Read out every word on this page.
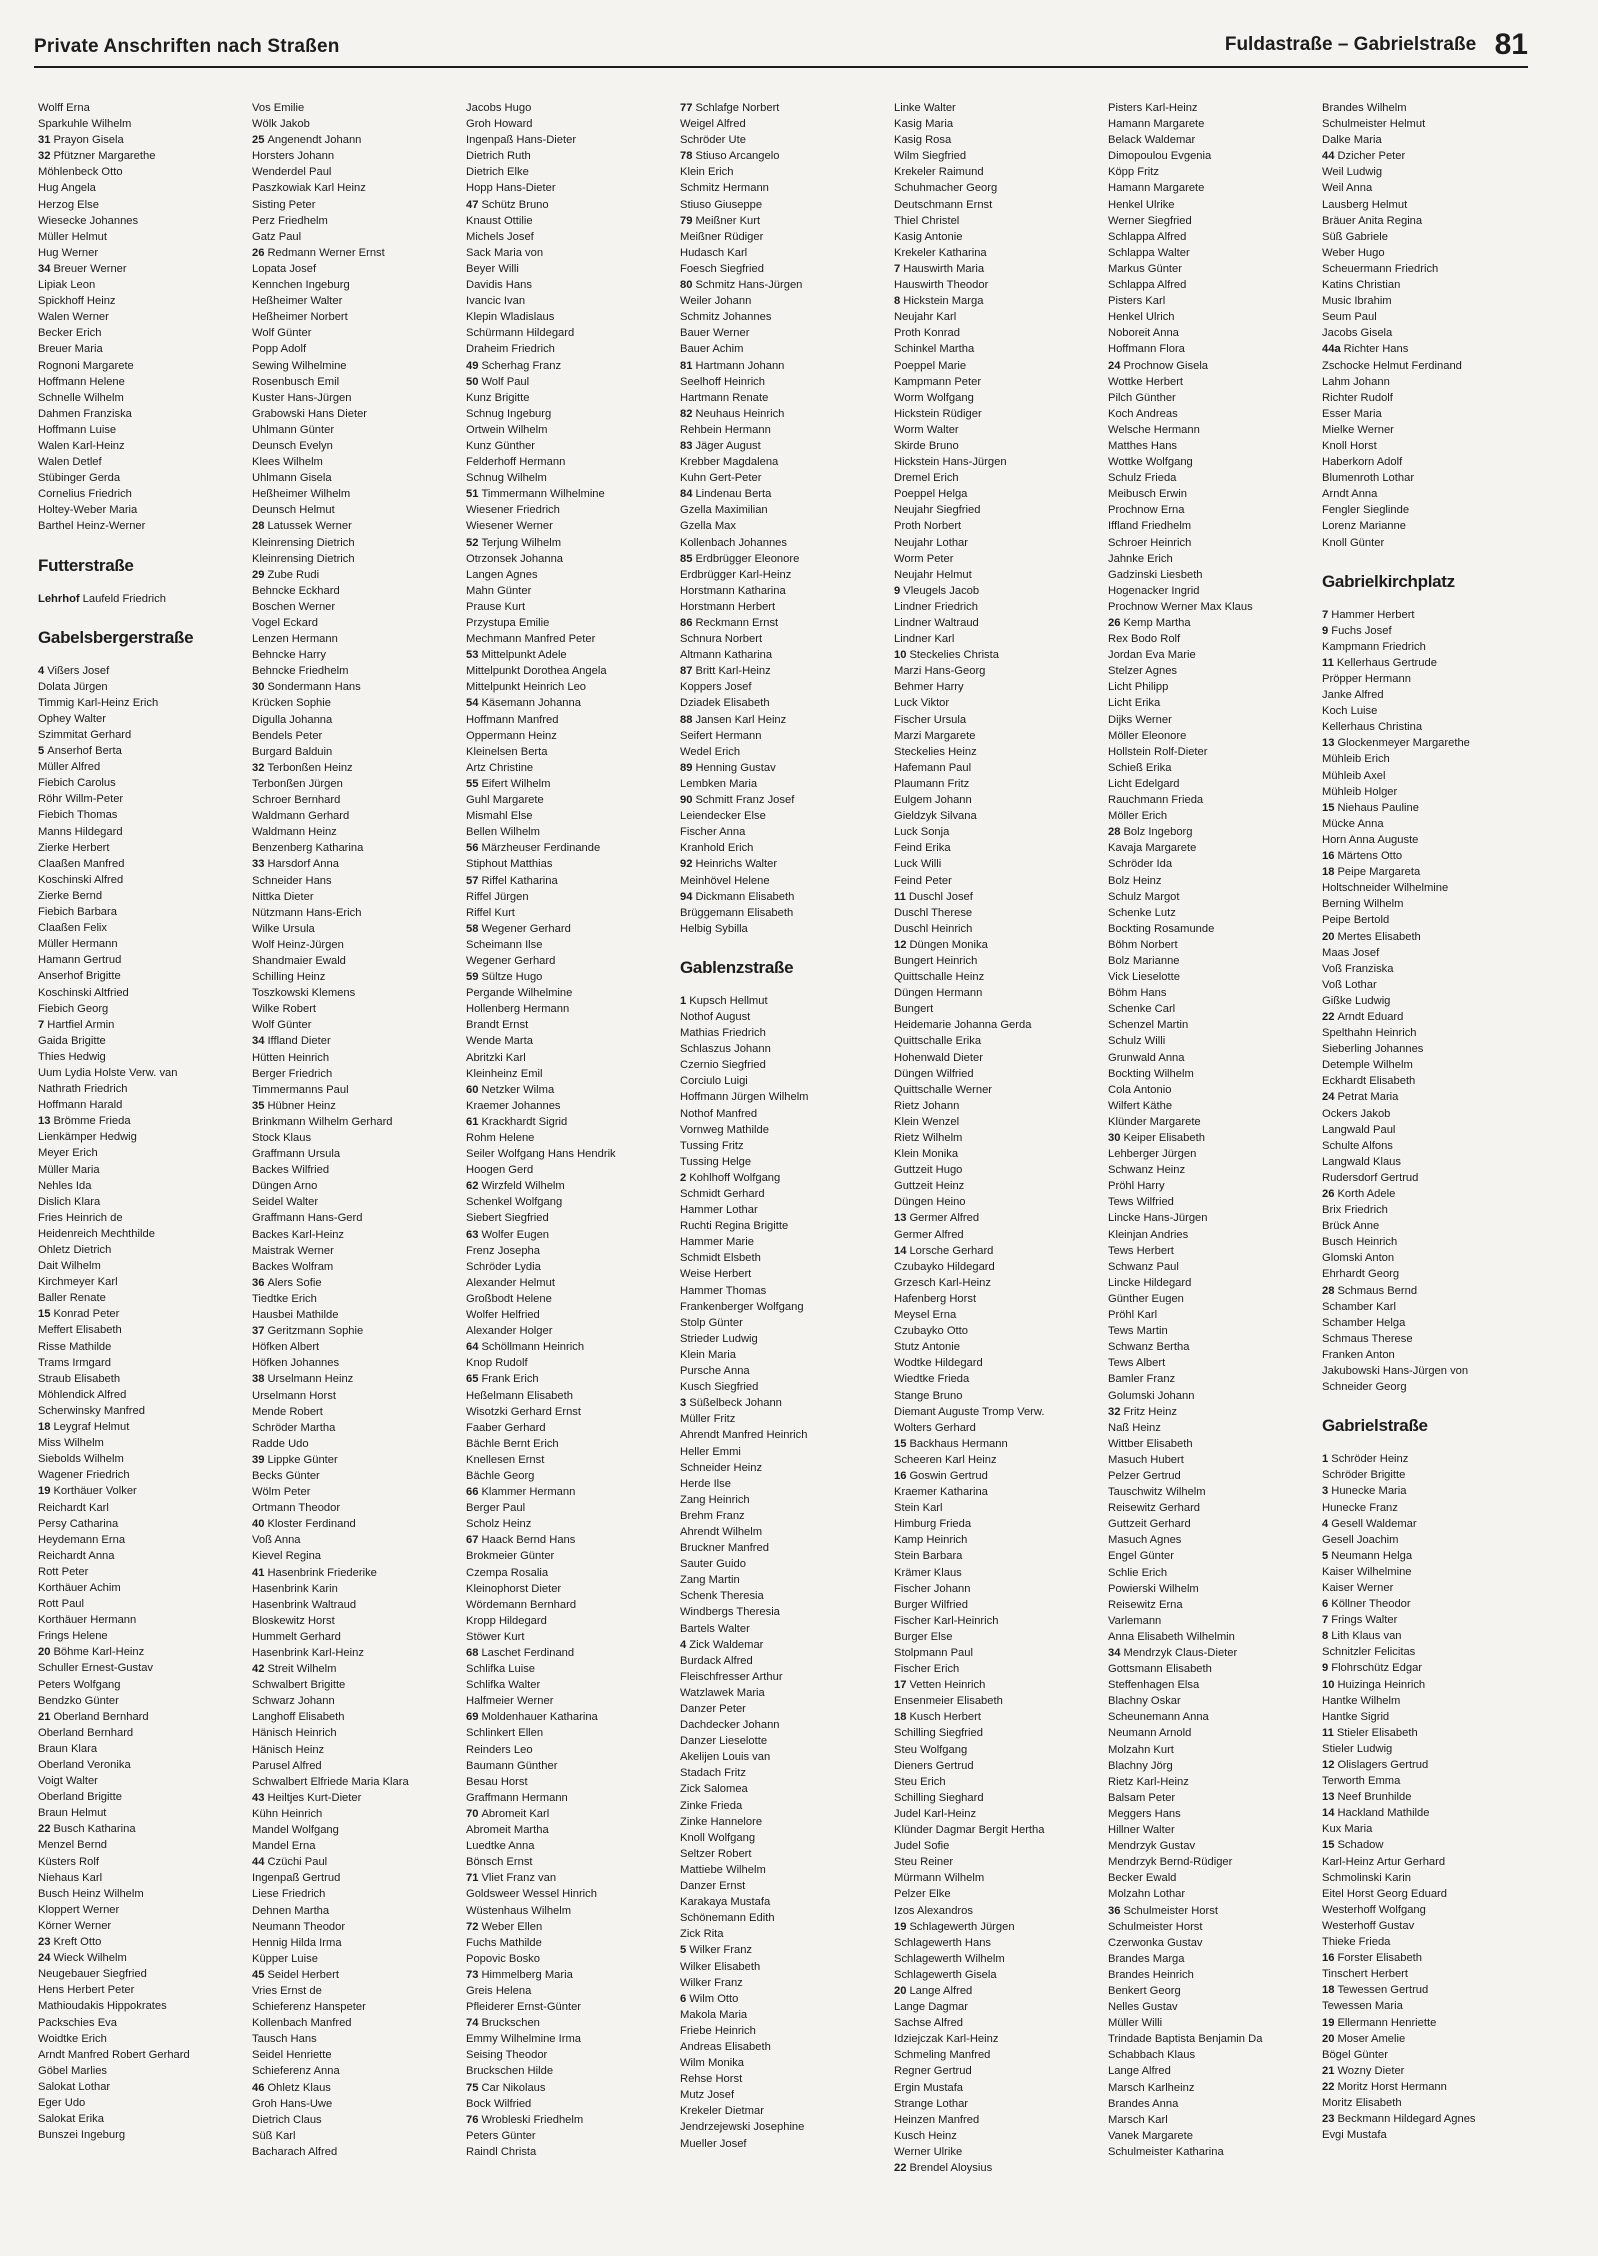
Private Anschriften nach Straßen	Fuldastraße – Gabrielstraße 81
Wolff Erna
Sparkuhle Wilhelm
31 Prayon Gisela
32 Pfützner Margarethe
Möhlenbeck Otto
Hug Angela
Herzog Else
Wiesecke Johannes
Müller Helmut
Hug Werner
34 Breuer Werner
Lipiak Leon
Spickhoff Heinz
Walen Werner
Becker Erich
Breuer Maria
Rognoni Margarete
Hoffmann Helene
Schnelle Wilhelm
Dahmen Franziska
Hoffmann Luise
Walen Karl-Heinz
Walen Detlef
Stübinger Gerda
Cornelius Friedrich
Holtey-Weber Maria
Barthel Heinz-Werner
Futterstraße
Lehrhof Laufeld Friedrich
Gabelsbergerstraße
4 Vißers Josef
Dolata Jürgen
Timmig Karl-Heinz Erich
Ophey Walter
Szimmitat Gerhard
5 Anserhof Berta
Müller Alfred
Fiebich Carolus
Röhr Willm-Peter
Fiebich Thomas
Manns Hildegard
Zierke Herbert
Claaßen Manfred
Koschinski Alfred
Zierke Bernd
Fiebich Barbara
Claaßen Felix
Müller Hermann
Hamann Gertrud
Anserhof Brigitte
Koschinski Altfried
Fiebich Georg
7 Hartfiel Armin
Gaida Brigitte
Thies Hedwig
Uum Lydia Holste Verw. van
Nathrath Friedrich
Hoffmann Harald
13 Brömme Frieda
Lienkämper Hedwig
Meyer Erich
Müller Maria
Nehles Ida
Dislich Klara
Fries Heinrich de
Heidenreich Mechthilde
Ohletz Dietrich
Dait Wilhelm
Kirchmeyer Karl
Baller Renate
15 Konrad Peter
Meffert Elisabeth
Risse Mathilde
Trams Irmgard
Straub Elisabeth
Möhlendick Alfred
Scherwinsky Manfred
18 Leygraf Helmut
Miss Wilhelm
Siebolds Wilhelm
Wagener Friedrich
19 Korthäuer Volker
Reichardt Karl
Persy Catharina
Heydemann Erna
Reichardt Anna
Rott Peter
Korthäuer Achim
Rott Paul
Korthäuer Hermann
Frings Helene
20 Böhme Karl-Heinz
Schuller Ernest-Gustav
Peters Wolfgang
Bendzko Günter
21 Oberland Bernhard
Oberland Bernhard
Braun Klara
Oberland Veronika
Voigt Walter
Oberland Brigitte
Braun Helmut
22 Busch Katharina
Menzel Bernd
Küsters Rolf
Niehaus Karl
Busch Heinz Wilhelm
Kloppert Werner
Körner Werner
23 Kreft Otto
24 Wieck Wilhelm
Neugebauer Siegfried
Hens Herbert Peter
Mathioudakis Hippokrates
Packschies Eva
Woidtke Erich
Arndt Manfred Robert Gerhard
Göbel Marlies
Salokat Lothar
Eger Udo
Salokat Erika
Bunszei Ingeburg
Vos Emilie
Wölk Jakob
25 Angenendt Johann
Horsters Johann
Wenderdel Paul
Paszkowiak Karl Heinz
Sisting Peter
Perz Friedhelm
Gatz Paul
26 Redmann Werner Ernst
Lopata Josef
Kennchen Ingeburg
Heßheimer Walter
Heßheimer Norbert
Wolf Günter
Popp Adolf
Sewing Wilhelmine
Rosenbusch Emil
Kuster Hans-Jürgen
Grabowski Hans Dieter
Uhlmann Günter
Deunsch Evelyn
Klees Wilhelm
Uhlmann Gisela
Heßheimer Wilhelm
Deunsch Helmut
28 Latussek Werner
Kleinrensing Dietrich
Kleinrensing Dietrich
29 Zube Rudi
Behncke Eckhard
Boschen Werner
Vogel Eckard
Lenzen Hermann
Behncke Harry
Behncke Friedhelm
30 Sondermann Hans
Krücken Sophie
Digulla Johanna
Bendels Peter
Burgard Balduin
32 Terbonßen Heinz
Terbonßen Jürgen
Schroer Bernhard
Waldmann Gerhard
Waldmann Heinz
Benzenberg Katharina
33 Harsdorf Anna
Schneider Hans
Nittka Dieter
Nützmann Hans-Erich
Wilke Ursula
Wolf Heinz-Jürgen
Shandmaier Ewald
Schilling Heinz
Toszkowski Klemens
Wilke Robert
Wolf Günter
34 Iffland Dieter
Hütten Heinrich
Berger Friedrich
Timmermanns Paul
35 Hübner Heinz
Brinkmann Wilhelm Gerhard
Stock Klaus
Graffmann Ursula
Backes Wilfried
Düngen Arno
Seidel Walter
Graffmann Hans-Gerd
Backes Karl-Heinz
Maistrak Werner
Backes Wolfram
36 Alers Sofie
Tiedtke Erich
Hausbei Mathilde
37 Geritzmann Sophie
Höfken Albert
Höfken Johannes
38 Urselmann Heinz
Urselmann Horst
Mende Robert
Schröder Martha
Radde Udo
39 Lippke Günter
Becks Günter
Wölm Peter
Ortmann Theodor
40 Kloster Ferdinand
Voß Anna
Kievel Regina
41 Hasenbrink Friederike
Hasenbrink Karin
Hasenbrink Waltraud
Bloskewitz Horst
Hummelt Gerhard
Hasenbrink Karl-Heinz
42 Streit Wilhelm
Schwalbert Brigitte
Schwarz Johann
Langhoff Elisabeth
Hänisch Heinrich
Hänisch Heinz
Parusel Alfred
Schwalbert Elfriede Maria Klara
43 Heiltjes Kurt-Dieter
Kühn Heinrich
Mandel Wolfgang
Mandel Erna
44 Czüchi Paul
Ingenpaß Gertrud
Liese Friedrich
Dehnen Martha
Neumann Theodor
Hennig Hilda Irma
Küpper Luise
45 Seidel Herbert
Vries Ernst de
Schieferenz Hanspeter
Kollenbach Manfred
Tausch Hans
Seidel Henriette
Schieferenz Anna
46 Ohletz Klaus
Groh Hans-Uwe
Dietrich Claus
Süß Karl
Bacharach Alfred
Jacobs Hugo
Groh Howard
Ingenpaß Hans-Dieter
Dietrich Ruth
Dietrich Elke
Hopp Hans-Dieter
47 Schütz Bruno
Knaust Ottilie
Michels Josef
Sack Maria von
Beyer Willi
Davidis Hans
Ivancic Ivan
Klepin Wladislaus
Schürmann Hildegard
Draheim Friedrich
49 Scherhag Franz
50 Wolf Paul
Kunz Brigitte
Schnug Ingeburg
Ortwein Wilhelm
Kunz Günther
Felderhoff Hermann
Schnug Wilhelm
51 Timmermann Wilhelmine
Wiesener Friedrich
Wiesener Werner
52 Terjung Wilhelm
Otrzonsek Johanna
Langen Agnes
Mahn Günter
Prause Kurt
Przystupa Emilie
Mechmann Manfred Peter
53 Mittelpunkt Adele
Mittelpunkt Dorothea Angela
Mittelpunkt Heinrich Leo
54 Käsemann Johanna
Hoffmann Manfred
Oppermann Heinz
Kleinelsen Berta
Artz Christine
55 Eifert Wilhelm
Guhl Margarete
Mismahl Else
Bellen Wilhelm
56 Märzheuser Ferdinande
Stiphout Matthias
57 Riffel Katharina
Riffel Jürgen
Riffel Kurt
58 Wegener Gerhard
Scheimann Ilse
Wegener Gerhard
59 Sültze Hugo
Pergande Wilhelmine
Hollenberg Hermann
Brandt Ernst
Wende Marta
Abritzki Karl
Kleinheinz Emil
60 Netzker Wilma
Kraemer Johannes
61 Krackhardt Sigrid
Rohm Helene
Seiler Wolfgang Hans Hendrik
Hoogen Gerd
62 Wirzfeld Wilhelm
Schenkel Wolfgang
Siebert Siegfried
63 Wolfer Eugen
Frenz Josepha
Schröder Lydia
Alexander Helmut
Großbodt Helene
Wolfer Helfried
Alexander Holger
64 Schöllmann Heinrich
Knop Rudolf
65 Frank Erich
Heßelmann Elisabeth
Wisotzki Gerhard Ernst
Faaber Gerhard
Bächle Bernt Erich
Knellesen Ernst
Bächle Georg
66 Klammer Hermann
Berger Paul
Scholz Heinz
67 Haack Bernd Hans
Brokmeier Günter
Czempa Rosalia
Kleinophorst Dieter
Wördemann Bernhard
Kropp Hildegard
Stöwer Kurt
68 Laschet Ferdinand
Schlifka Luise
Schlifka Walter
Halfmeier Werner
69 Moldenhauer Katharina
Schlinkert Ellen
Reinders Leo
Baumann Günther
Besau Horst
Graffmann Hermann
70 Abromeit Karl
Abromeit Martha
Luedtke Anna
Bönsch Ernst
71 Vliet Franz van
Goldsweer Wessel Hinrich
Wüstenhaus Wilhelm
72 Weber Ellen
Fuchs Mathilde
Popovic Bosko
73 Himmelberg Maria
Greis Helena
Pfleiderer Ernst-Günter
74 Bruckschen
Emmy Wilhelmine Irma
Seising Theodor
Bruckschen Hilde
75 Car Nikolaus
Bock Wilfried
76 Wrobleski Friedhelm
Peters Günter
Raindl Christa
77 Schlafge Norbert
Weigel Alfred
Schröder Ute
78 Stiuso Arcangelo
Klein Erich
Schmitz Hermann
Stiuso Giuseppe
79 Meißner Kurt
Meißner Rüdiger
Hudasch Karl
Foesch Siegfried
80 Schmitz Hans-Jürgen
Weiler Johann
Schmitz Johannes
Bauer Werner
Bauer Achim
81 Hartmann Johann
Seelhoff Heinrich
Hartmann Renate
82 Neuhaus Heinrich
Rehbein Hermann
83 Jäger August
Krebber Magdalena
Kuhn Gert-Peter
84 Lindenau Berta
Gzella Maximilian
Gzella Max
Kollenbach Johannes
85 Erdbrügger Eleonore
Erdbrügger Karl-Heinz
Horstmann Katharina
Horstmann Herbert
86 Reckmann Ernst
Schnura Norbert
Altmann Katharina
87 Britt Karl-Heinz
Koppers Josef
Dziadek Elisabeth
88 Jansen Karl Heinz
Seifert Hermann
Wedel Erich
89 Henning Gustav
Lembken Maria
90 Schmitt Franz Josef
Leiendecker Else
Fischer Anna
Kranhold Erich
92 Heinrichs Walter
Meinhövel Helene
94 Dickmann Elisabeth
Brüggemann Elisabeth
Helbig Sybilla
Gablenzstraße
1 Kupsch Hellmut
Nothof August
Mathias Friedrich
Schlaszus Johann
Czernio Siegfried
Corciulo Luigi
Hoffmann Jürgen Wilhelm
Nothof Manfred
Vornweg Mathilde
Tussing Fritz
Tussing Helge
2 Kohlhoff Wolfgang
Schmidt Gerhard
Hammer Lothar
Ruchti Regina Brigitte
Hammer Marie
Schmidt Elsbeth
Weise Herbert
Hammer Thomas
Frankenberger Wolfgang
Stolp Günter
Strieder Ludwig
Klein Maria
Pursche Anna
Kusch Siegfried
3 Süßelbeck Johann
Müller Fritz
Ahrendt Manfred Heinrich
Heller Emmi
Schneider Heinz
Herde Ilse
Zang Heinrich
Brehm Franz
Ahrendt Wilhelm
Bruckner Manfred
Sauter Guido
Zang Martin
Schenk Theresia
Windbergs Theresia
Bartels Walter
4 Zick Waldemar
Burdack Alfred
Fleischfresser Arthur
Watzlawek Maria
Danzer Peter
Dachdecker Johann
Danzer Lieselotte
Akelijen Louis van
Stadach Fritz
Zick Salomea
Zinke Frieda
Zinke Hannelore
Knoll Wolfgang
Seltzer Robert
Mattiebe Wilhelm
Danzer Ernst
Karakaya Mustafa
Schönemann Edith
Zick Rita
5 Wilker Franz
Wilker Elisabeth
Wilker Franz
6 Wilm Otto
Makola Maria
Friebe Heinrich
Andreas Elisabeth
Wilm Monika
Rehse Horst
Mutz Josef
Krekeler Dietmar
Jendrzejewski Josephine
Mueller Josef
Linke Walter
Kasig Maria
Kasig Rosa
Wilm Siegfried
Krekeler Raimund
Schuhmacher Georg
Deutschmann Ernst
Thiel Christel
Kasig Antonie
Krekeler Katharina
7 Hauswirth Maria
Hauswirth Theodor
8 Hickstein Marga
Neujahr Karl
Proth Konrad
Schinkel Martha
Poeppel Marie
Kampmann Peter
Worm Wolfgang
Hickstein Rüdiger
Worm Walter
Skirde Bruno
Hickstein Hans-Jürgen
Dremel Erich
Poeppel Helga
Neujahr Siegfried
Proth Norbert
Neujahr Lothar
Worm Peter
Neujahr Helmut
9 Vleugels Jacob
Lindner Friedrich
Lindner Waltraud
Lindner Karl
10 Steckelies Christa
Marzi Hans-Georg
Behmer Harry
Luck Viktor
Fischer Ursula
Marzi Margarete
Steckelies Heinz
Hafemann Paul
Plaumann Fritz
Eulgem Johann
Gieldzyk Silvana
Luck Sonja
Feind Erika
Luck Willi
Feind Peter
11 Duschl Josef
Duschl Therese
Duschl Heinrich
12 Düngen Monika
Bungert Heinrich
Quittschalle Heinz
Düngen Hermann
Bungert
Heidemarie Johanna Gerda
Quittschalle Erika
Hohenwald Dieter
Düngen Wilfried
Quittschalle Werner
Rietz Johann
Klein Wenzel
Rietz Wilhelm
Klein Monika
Guttzeit Hugo
Guttzeit Heinz
Düngen Heino
13 Germer Alfred
Germer Alfred
14 Lorsche Gerhard
Czubayko Hildegard
Grzesch Karl-Heinz
Hafenberg Horst
Meysel Erna
Czubayko Otto
Stutz Antonie
Wodtke Hildegard
Wiedtke Frieda
Stange Bruno
Diemant Auguste Tromp Verw.
Wolters Gerhard
15 Backhaus Hermann
Scheeren Karl Heinz
16 Goswin Gertrud
Kraemer Katharina
Stein Karl
Himburg Frieda
Kamp Heinrich
Stein Barbara
Krämer Klaus
Fischer Johann
Burger Wilfried
Fischer Karl-Heinrich
Burger Else
Stolpmann Paul
Fischer Erich
17 Vetten Heinrich
Ensenmeier Elisabeth
18 Kusch Herbert
Schilling Siegfried
Steu Wolfgang
Dieners Gertrud
Steu Erich
Schilling Sieghard
Judel Karl-Heinz
Klünder Dagmar Bergit Hertha
Judel Sofie
Steu Reiner
Mürmann Wilhelm
Pelzer Elke
Izos Alexandros
19 Schlagewerth Jürgen
Schlagewerth Hans
Schlagewerth Wilhelm
Schlagewerth Gisela
20 Lange Alfred
Lange Dagmar
Sachse Alfred
Idziejczak Karl-Heinz
Schmeling Manfred
Regner Gertrud
Ergin Mustafa
Strange Lothar
Heinzen Manfred
Kusch Heinz
Werner Ulrike
22 Brendel Aloysius
Pisters Karl-Heinz
Hamann Margarete
Belack Waldemar
Dimopoulou Evgenia
Köpp Fritz
Hamann Margarete
Henkel Ulrike
Werner Siegfried
Schlappa Alfred
Schlappa Walter
Markus Günter
Schlappa Alfred
Pisters Karl
Henkel Ulrich
Noboreit Anna
Hoffmann Flora
24 Prochnow Gisela
Wottke Herbert
Pilch Günther
Koch Andreas
Welsche Hermann
Matthes Hans
Wottke Wolfgang
Schulz Frieda
Meibusch Erwin
Prochnow Erna
Iffland Friedhelm
Schroer Heinrich
Jahnke Erich
Gadzinski Liesbeth
Hogenacker Ingrid
Prochnow Werner Max Klaus
26 Kemp Martha
Rex Bodo Rolf
Jordan Eva Marie
Stelzer Agnes
Licht Philipp
Licht Erika
Dijks Werner
Möller Eleonore
Hollstein Rolf-Dieter
Schieß Erika
Licht Edelgard
Rauchmann Frieda
Möller Erich
28 Bolz Ingeborg
Kavaja Margarete
Schröder Ida
Bolz Heinz
Schulz Margot
Schenke Lutz
Bockting Rosamunde
Böhm Norbert
Bolz Marianne
Vick Lieselotte
Böhm Hans
Schenke Carl
Schenzel Martin
Schulz Willi
Grunwald Anna
Bockting Wilhelm
Cola Antonio
Wilfert Käthe
Klünder Margarete
30 Keiper Elisabeth
Lehberger Jürgen
Schwanz Heinz
Pröhl Harry
Tews Wilfried
Lincke Hans-Jürgen
Kleinjan Andries
Tews Herbert
Schwanz Paul
Lincke Hildegard
Günther Eugen
Pröhl Karl
Tews Martin
Schwanz Bertha
Tews Albert
Bamler Franz
Golumski Johann
32 Fritz Heinz
Naß Heinz
Wittber Elisabeth
Masuch Hubert
Pelzer Gertrud
Tauschwitz Wilhelm
Reisewitz Gerhard
Guttzeit Gerhard
Masuch Agnes
Engel Günter
Schlie Erich
Powierski Wilhelm
Reisewitz Erna
Varlemann
Anna Elisabeth Wilhelmin
34 Mendrzyk Claus-Dieter
Gottsmann Elisabeth
Steffenhagen Elsa
Blachny Oskar
Scheunemann Anna
Neumann Arnold
Molzahn Kurt
Blachny Jörg
Rietz Karl-Heinz
Balsam Peter
Meggers Hans
Hillner Walter
Mendrzyk Gustav
Mendrzyk Bernd-Rüdiger
Becker Ewald
Molzahn Lothar
36 Schulmeister Horst
Schulmeister Horst
Czerwonka Gustav
Brandes Marga
Brandes Heinrich
Benkert Georg
Nelles Gustav
Müller Willi
Trindade Baptista Benjamin Da
Schabbach Klaus
Lange Alfred
Marsch Karlheinz
Brandes Anna
Marsch Karl
Vanek Margarete
Schulmeister Katharina
Brandes Wilhelm
Schulmeister Helmut
Dalke Maria
44 Dzicher Peter
Weil Ludwig
Weil Anna
Lausberg Helmut
Bräuer Anita Regina
Süß Gabriele
Weber Hugo
Scheuermann Friedrich
Katins Christian
Music Ibrahim
Seum Paul
Jacobs Gisela
44a Richter Hans
Zschocke Helmut Ferdinand
Lahm Johann
Richter Rudolf
Esser Maria
Mielke Werner
Knoll Horst
Haberkorn Adolf
Blumenroth Lothar
Arndt Anna
Fengler Sieglinde
Lorenz Marianne
Knoll Günter
Gabrielkirchplatz
7 Hammer Herbert
9 Fuchs Josef
Kampmann Friedrich
11 Kellerhaus Gertrude
Pröpper Hermann
Janke Alfred
Koch Luise
Kellerhaus Christina
13 Glockenmeyer Margarethe
Mühleib Erich
Mühleib Axel
Mühleib Holger
15 Niehaus Pauline
Mücke Anna
Horn Anna Auguste
16 Märtens Otto
18 Peipe Margareta
Holtschneider Wilhelmine
Berning Wilhelm
Peipe Bertold
20 Mertes Elisabeth
Maas Josef
Voß Franziska
Voß Lothar
Gißke Ludwig
22 Arndt Eduard
Spelthahn Heinrich
Sieberling Johannes
Detemple Wilhelm
Eckhardt Elisabeth
24 Petrat Maria
Ockers Jakob
Langwald Paul
Schulte Alfons
Langwald Klaus
Rudersdorf Gertrud
26 Korth Adele
Brix Friedrich
Brück Anne
Busch Heinrich
Glomski Anton
Ehrhardt Georg
28 Schmaus Bernd
Schamber Karl
Schamber Helga
Schmaus Therese
Franken Anton
Jakubowski Hans-Jürgen von
Schneider Georg
Gabrielstraße
1 Schröder Heinz
Schröder Brigitte
3 Hunecke Maria
Hunecke Franz
4 Gesell Waldemar
Gesell Joachim
5 Neumann Helga
Kaiser Wilhelmine
Kaiser Werner
6 Köllner Theodor
7 Frings Walter
8 Lith Klaus van
Schnitzler Felicitas
9 Flohrschütz Edgar
10 Huizinga Heinrich
Hantke Wilhelm
Hantke Sigrid
11 Stieler Elisabeth
Stieler Ludwig
12 Olislagers Gertrud
Terworth Emma
13 Neef Brunhilde
14 Hackland Mathilde
Kux Maria
15 Schadow
Karl-Heinz Artur Gerhard
Schmolinski Karin
Eitel Horst Georg Eduard
Westerhoff Wolfgang
Westerhoff Gustav
Thieke Frieda
16 Forster Elisabeth
Tinschert Herbert
18 Tewessen Gertrud
Tewessen Maria
19 Ellermann Henriette
20 Moser Amelie
Bögel Günter
21 Wozny Dieter
22 Moritz Horst Hermann
Moritz Elisabeth
23 Beckmann Hildegard Agnes
Evgi Mustafa
